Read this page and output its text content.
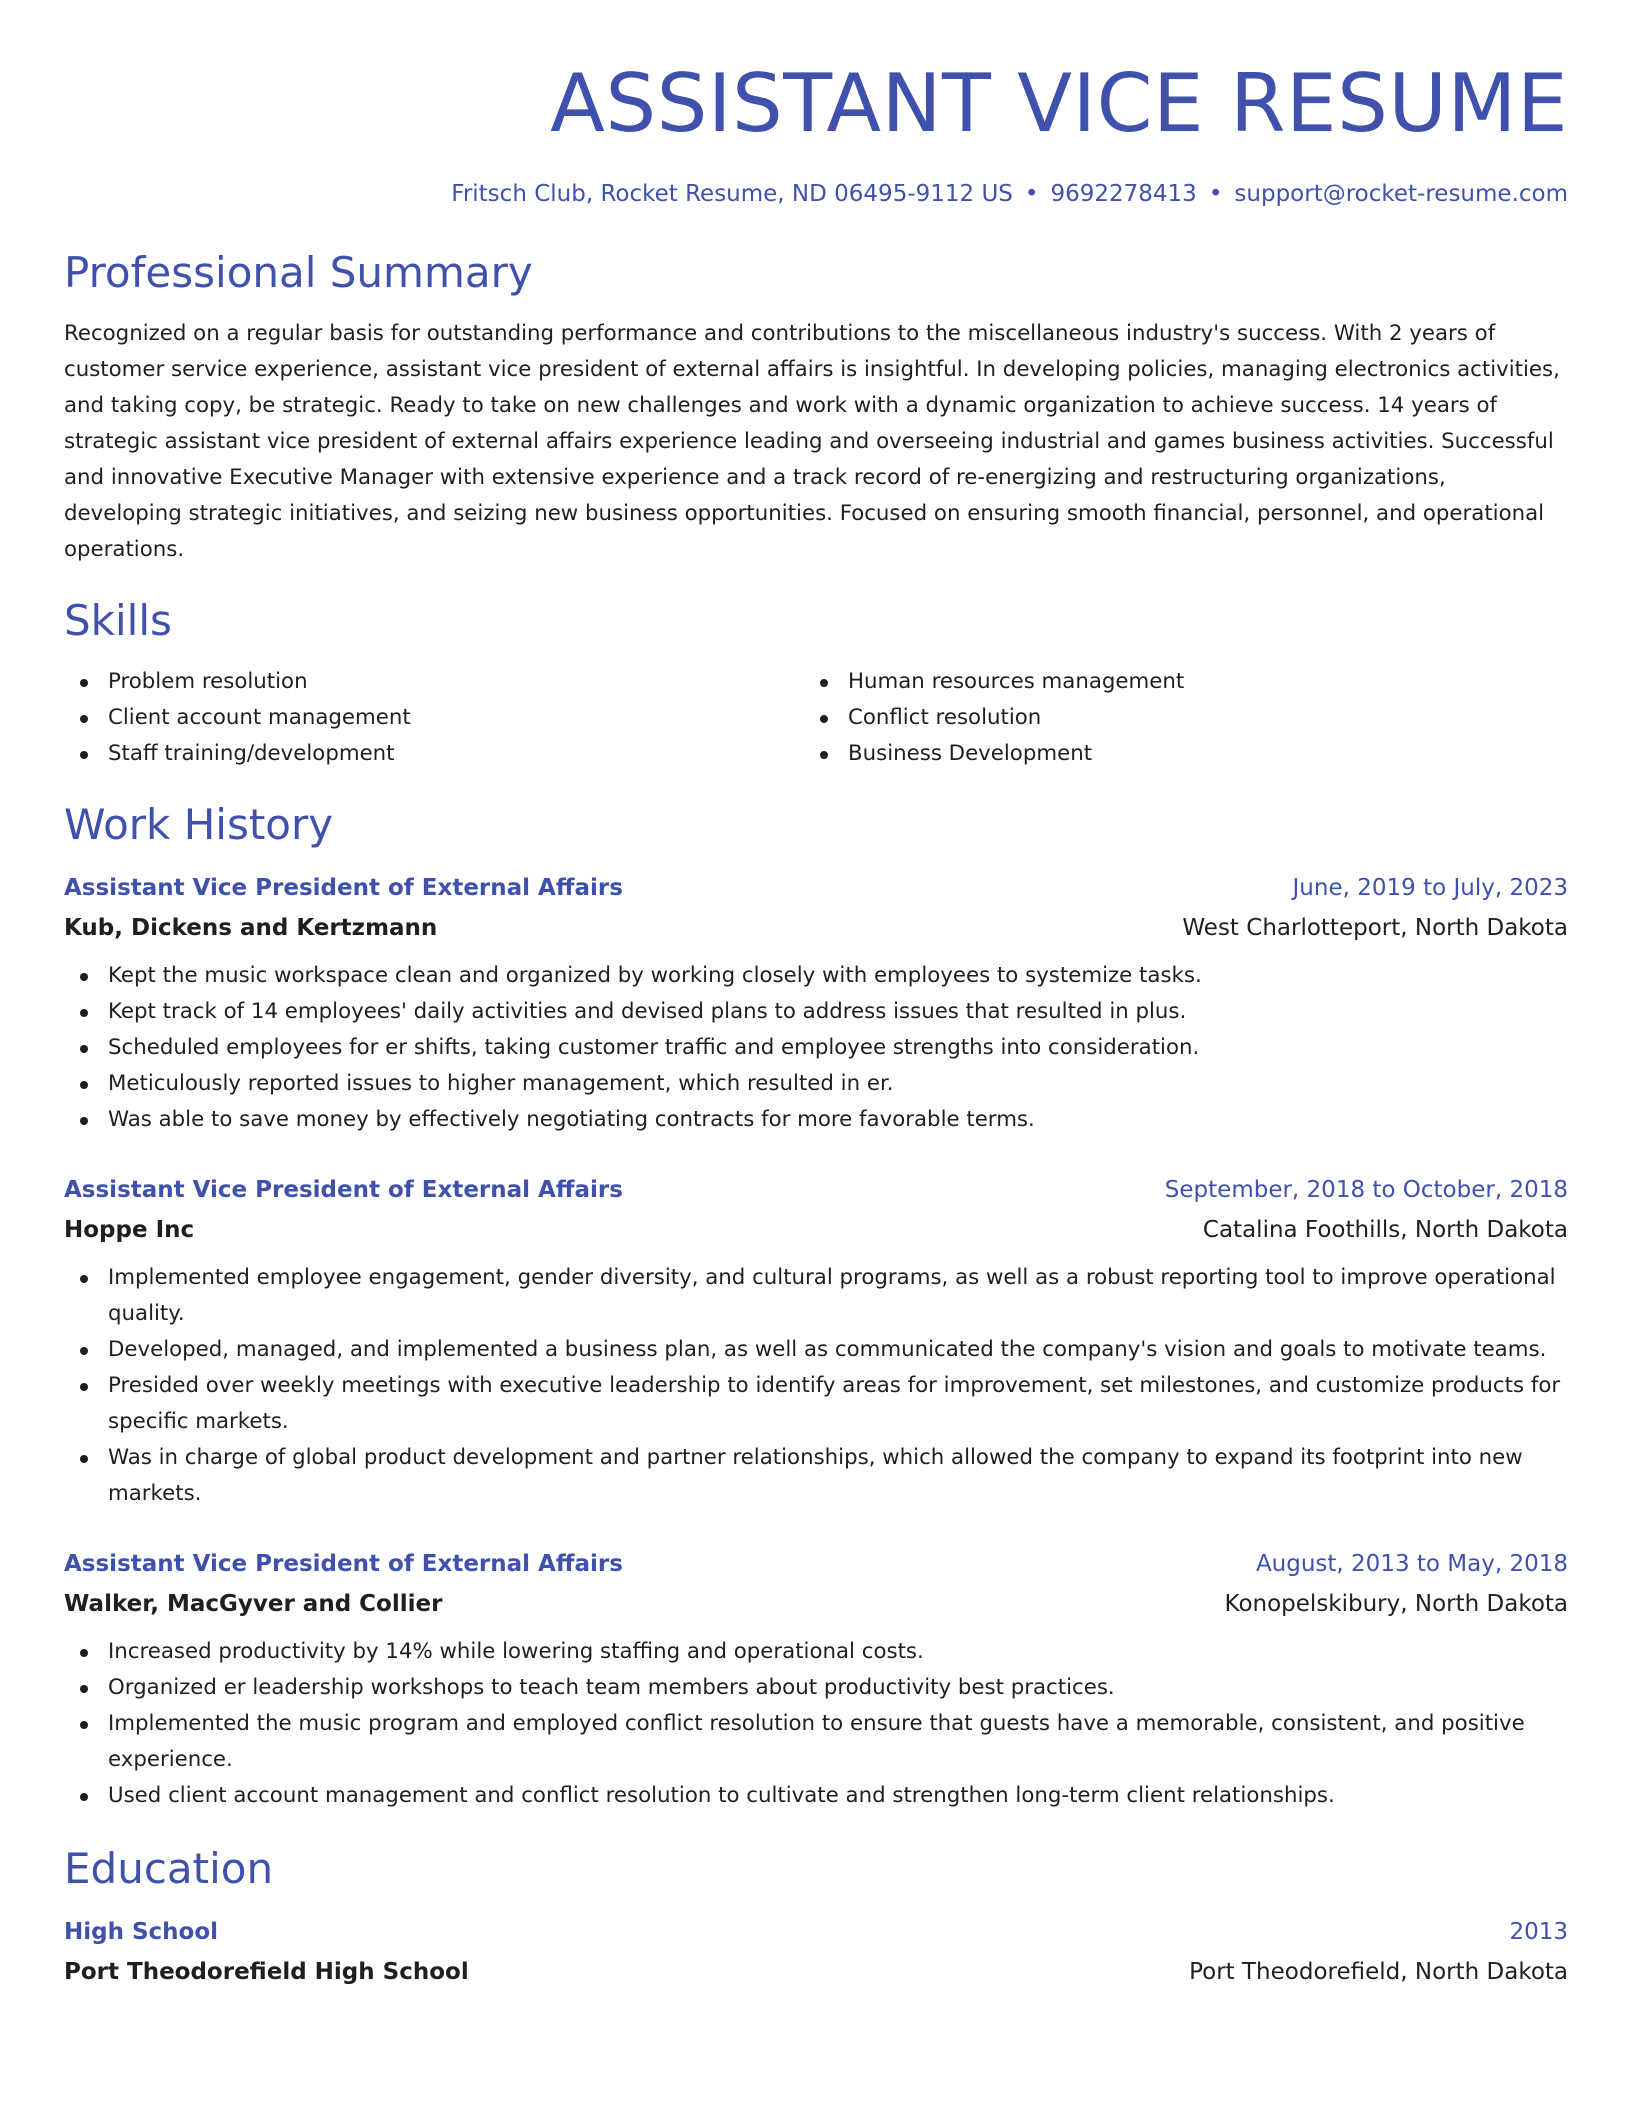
ASSISTANT VICE RESUME
Fritsch Club, Rocket Resume, ND 06495-9112 US • 9692278413 • support@rocket-resume.com
Professional Summary

Recognized on a regular basis for outstanding performance and contributions to the miscellaneous industry's success. With 2 years of customer service experience, assistant vice president of external affairs is insightful. In developing policies, managing electronics activities, and taking copy, be strategic. Ready to take on new challenges and work with a dynamic organization to achieve success. 14 years of strategic assistant vice president of external affairs experience leading and overseeing industrial and games business activities. Successful and innovative Executive Manager with extensive experience and a track record of re-energizing and restructuring organizations, developing strategic initiatives, and seizing new business opportunities. Focused on ensuring smooth financial, personnel, and operational operations.

Skills
Problem resolution
Client account management
Staff training/development
Human resources management
Conflict resolution
Business Development
Work History
Assistant Vice President of External Affairs	June, 2019 to July, 2023
Kub, Dickens and Kertzmann	West Charlotteport, North Dakota
Kept the music workspace clean and organized by working closely with employees to systemize tasks.
Kept track of 14 employees' daily activities and devised plans to address issues that resulted in plus.
Scheduled employees for er shifts, taking customer traffic and employee strengths into consideration.
Meticulously reported issues to higher management, which resulted in er.
Was able to save money by effectively negotiating contracts for more favorable terms.
Assistant Vice President of External Affairs	September, 2018 to October, 2018
Hoppe Inc	Catalina Foothills, North Dakota
Implemented employee engagement, gender diversity, and cultural programs, as well as a robust reporting tool to improve operational quality.
Developed, managed, and implemented a business plan, as well as communicated the company's vision and goals to motivate teams.
Presided over weekly meetings with executive leadership to identify areas for improvement, set milestones, and customize products for specific markets.
Was in charge of global product development and partner relationships, which allowed the company to expand its footprint into new markets.
Assistant Vice President of External Affairs	August, 2013 to May, 2018
Walker, MacGyver and Collier	Konopelskibury, North Dakota
Increased productivity by 14% while lowering staffing and operational costs.
Organized er leadership workshops to teach team members about productivity best practices.
Implemented the music program and employed conflict resolution to ensure that guests have a memorable, consistent, and positive experience.
Used client account management and conflict resolution to cultivate and strengthen long-term client relationships.
Education
High School	2013
Port Theodorefield High School	Port Theodorefield, North Dakota
